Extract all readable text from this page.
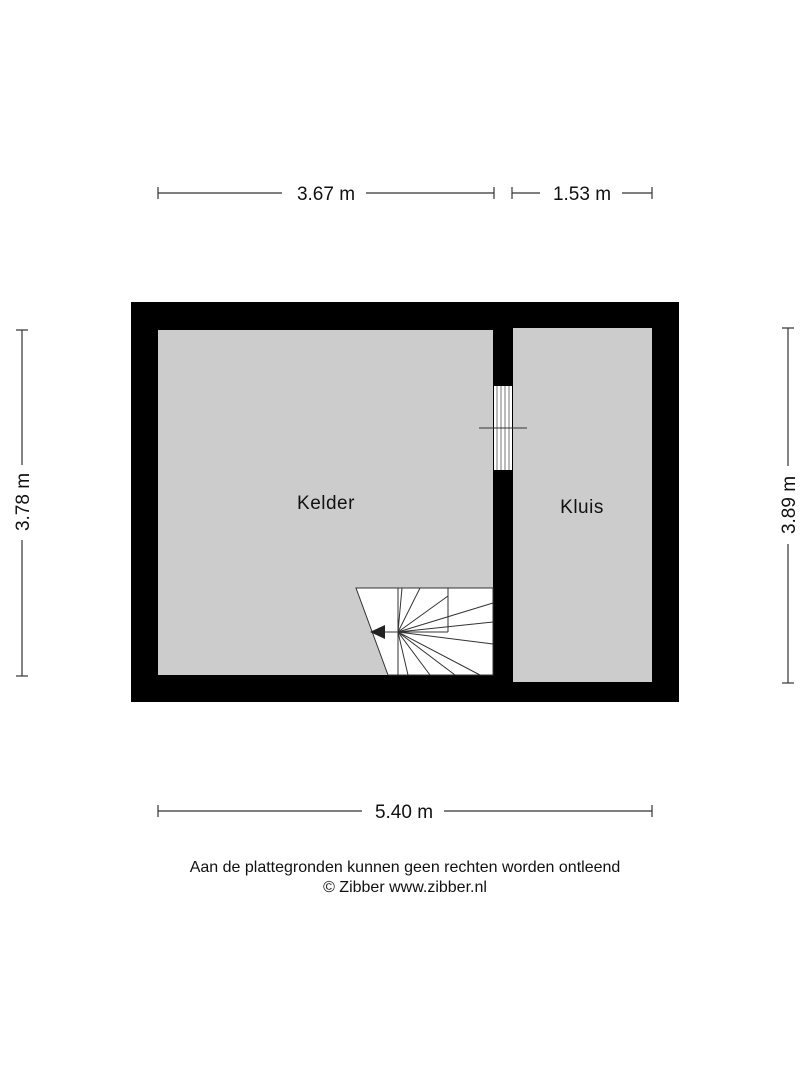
3.67 m	1.53 m
3.78 m	3.89 m
5.40 m
Kelder	Kluis
Aan de plattegronden kunnen geen rechten worden ontleend
© Zibber www.zibber.nl
